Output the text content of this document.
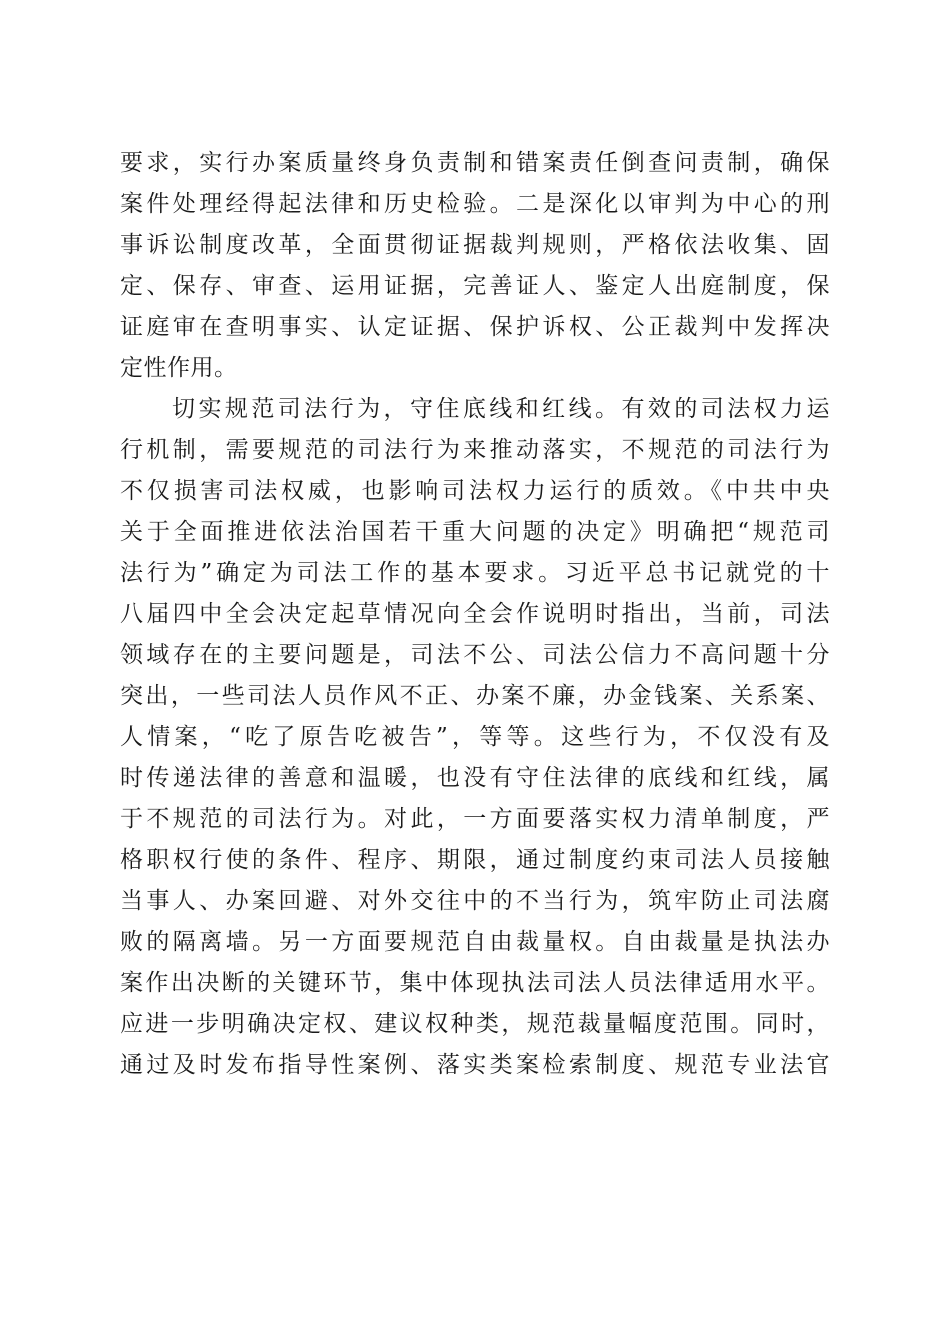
要求，实行办案质量终身负责制和错案责任倒查问责制，确保
案件处理经得起法律和历史检验。二是深化以审判为中心的刑
事诉讼制度改革，全面贯彻证据裁判规则，严格依法收集、固
定、保存、审查、运用证据，完善证人、鉴定人出庭制度，保
证庭审在查明事实、认定证据、保护诉权、公正裁判中发挥决
定性作用。
切实规范司法行为，守住底线和红线。有效的司法权力运
行机制，需要规范的司法行为来推动落实，不规范的司法行为
不仅损害司法权威，也影响司法权力运行的质效。《中共中央
关于全面推进依法治国若干重大问题的决定》明确把“规范司
法行为”确定为司法工作的基本要求。习近平总书记就党的十
八届四中全会决定起草情况向全会作说明时指出，当前，司法
领域存在的主要问题是，司法不公、司法公信力不高问题十分
突出，一些司法人员作风不正、办案不廉，办金钱案、关系案、
人情案，“吃了原告吃被告”，等等。这些行为，不仅没有及
时传递法律的善意和温暖，也没有守住法律的底线和红线，属
于不规范的司法行为。对此，一方面要落实权力清单制度，严
格职权行使的条件、程序、期限，通过制度约束司法人员接触
当事人、办案回避、对外交往中的不当行为，筑牢防止司法腐
败的隔离墙。另一方面要规范自由裁量权。自由裁量是执法办
案作出决断的关键环节，集中体现执法司法人员法律适用水平。
应进一步明确决定权、建议权种类，规范裁量幅度范围。同时，
通过及时发布指导性案例、落实类案检索制度、规范专业法官
